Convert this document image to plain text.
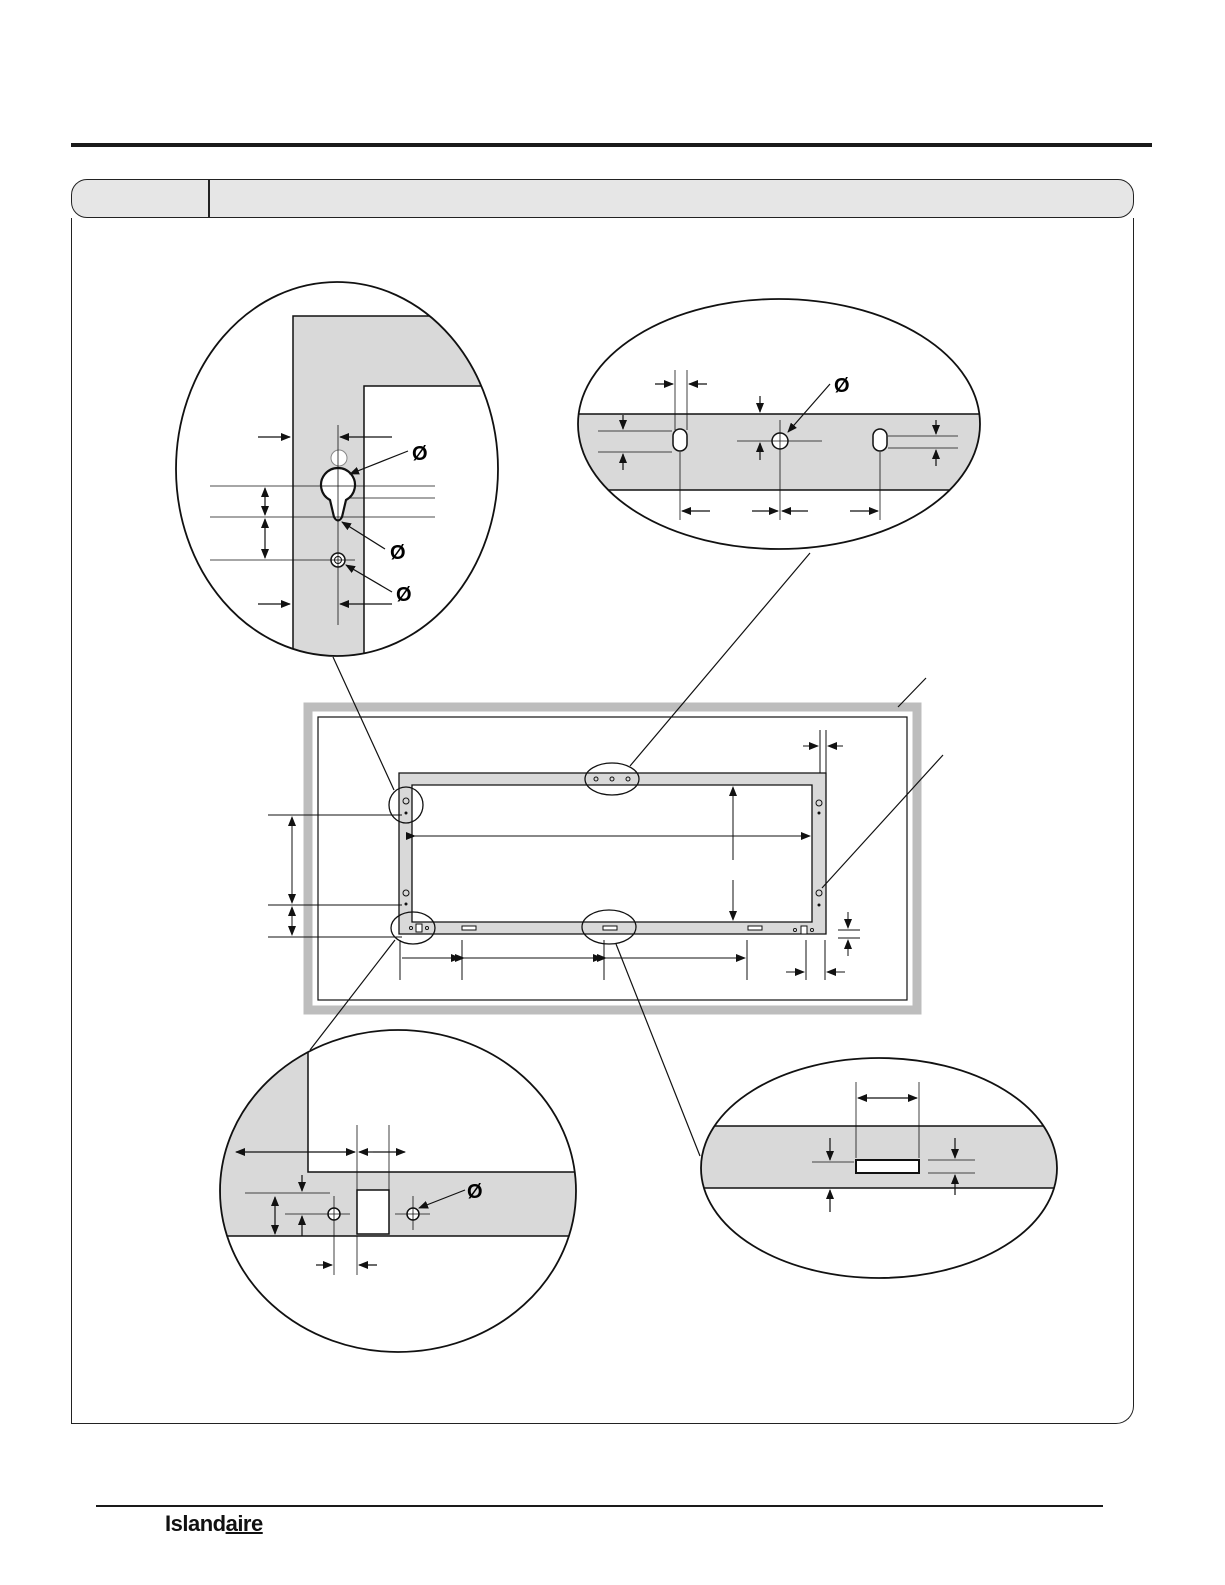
Ø
Ø
Ø
Ø
Ø
Islandaire
